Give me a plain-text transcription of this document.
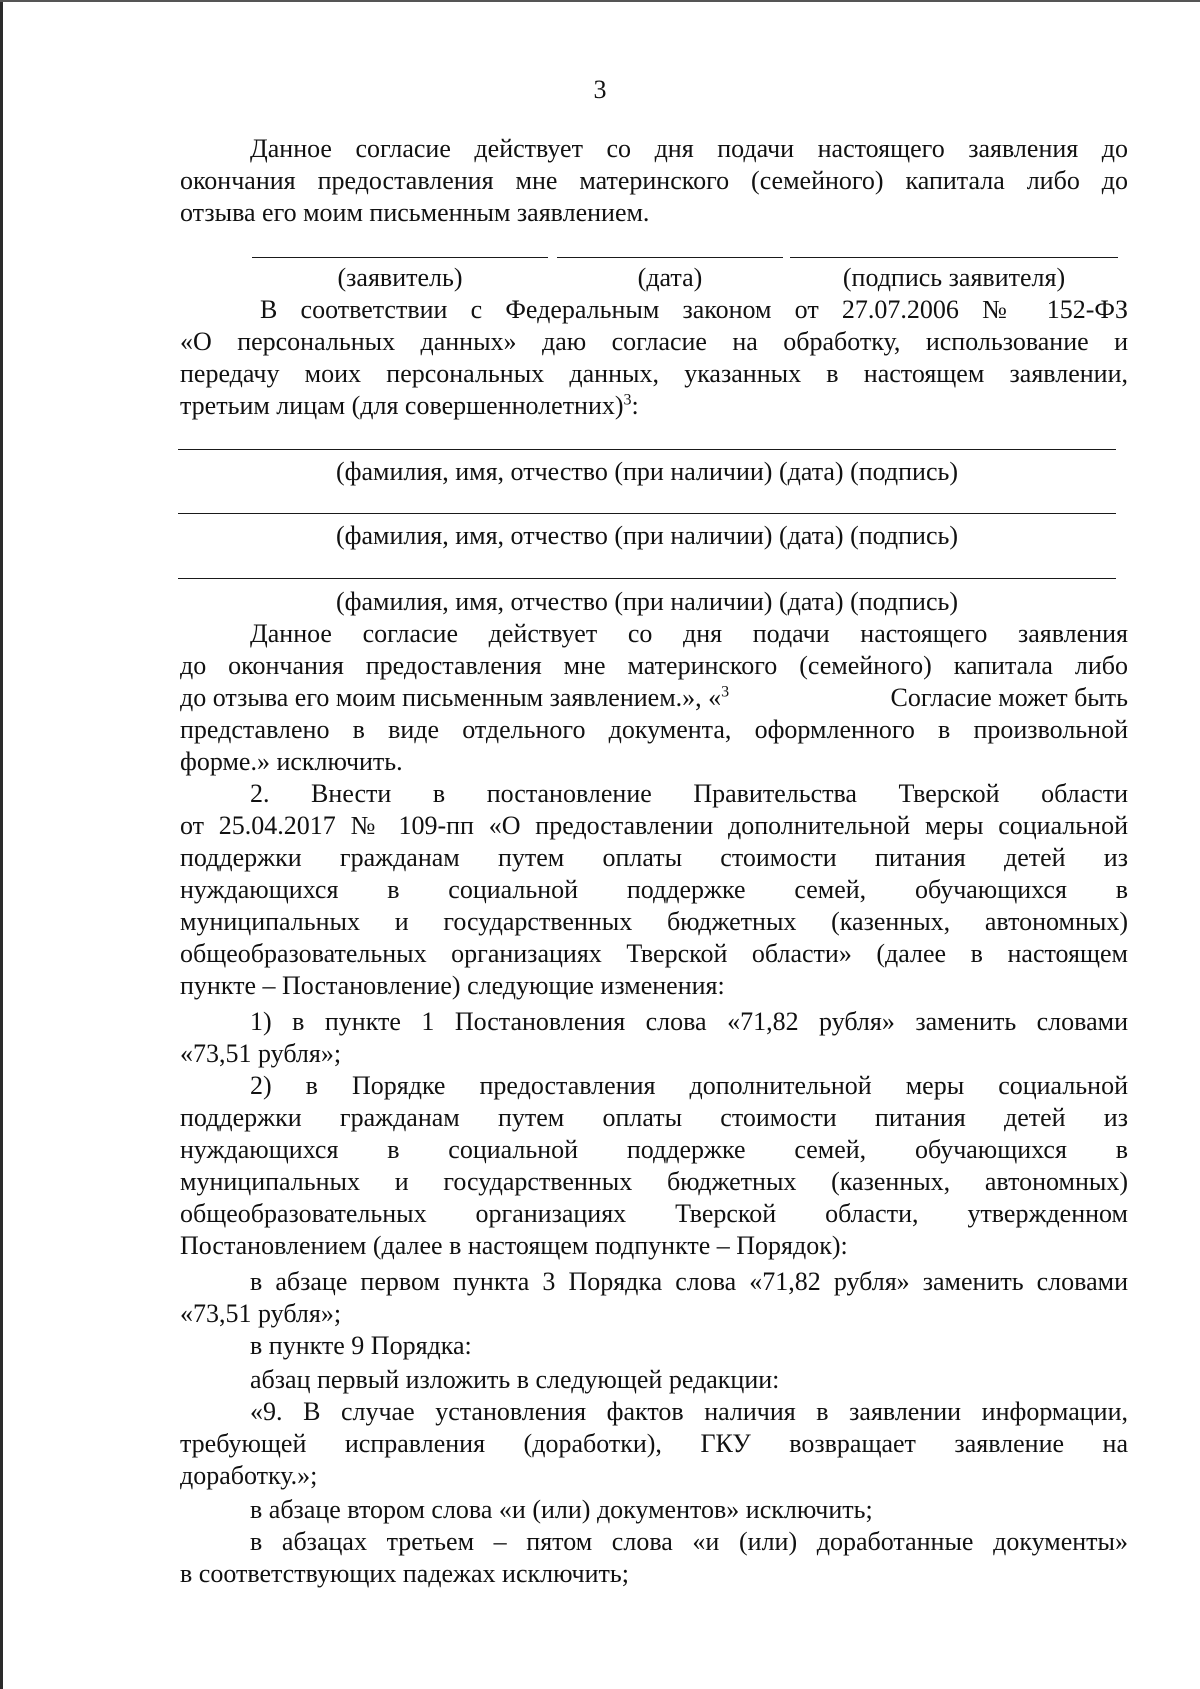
3
Данное согласие действует со дня подачи настоящего заявления до
окончания предоставления мне материнского (семейного) капитала либо до
отзыва его моим письменным заявлением.
(заявитель)	(дата)	(подпись заявителя)
В соответствии с Федеральным законом от 27.07.2006 № 152-ФЗ
«О персональных данных» даю согласие на обработку, использование и
передачу моих персональных данных, указанных в настоящем заявлении,
третьим лицам (для совершеннолетних)$^3$:
(фамилия, имя, отчество (при наличии) (дата) (подпись)
(фамилия, имя, отчество (при наличии) (дата) (подпись)
(фамилия, имя, отчество (при наличии) (дата) (подпись)
Данное согласие действует со дня подачи настоящего заявления
до окончания предоставления мне материнского (семейного) капитала либо
до отзыва его моим письменным заявлением.», «$^3$	Согласие может быть
представлено в виде отдельного документа, оформленного в произвольной
форме.» исключить.
2. Внести в постановление Правительства Тверской области
от 25.04.2017 № 109-пп «О предоставлении дополнительной меры социальной
поддержки гражданам путем оплаты стоимости питания детей из
нуждающихся в социальной поддержке семей, обучающихся в
муниципальных и государственных бюджетных (казенных, автономных)
общеобразовательных организациях Тверской области» (далее в настоящем
пункте – Постановление) следующие изменения:
1) в пункте 1 Постановления слова «71,82 рубля» заменить словами
«73,51 рубля»;
2) в Порядке предоставления дополнительной меры социальной
поддержки гражданам путем оплаты стоимости питания детей из
нуждающихся в социальной поддержке семей, обучающихся в
муниципальных и государственных бюджетных (казенных, автономных)
общеобразовательных организациях Тверской области, утвержденном
Постановлением (далее в настоящем подпункте – Порядок):
в абзаце первом пункта 3 Порядка слова «71,82 рубля» заменить словами
«73,51 рубля»;
в пункте 9 Порядка:
абзац первый изложить в следующей редакции:
«9. В случае установления фактов наличия в заявлении информации,
требующей исправления (доработки), ГКУ возвращает заявление на
доработку.»;
в абзаце втором слова «и (или) документов» исключить;
в абзацах третьем – пятом слова «и (или) доработанные документы»
в соответствующих падежах исключить;
